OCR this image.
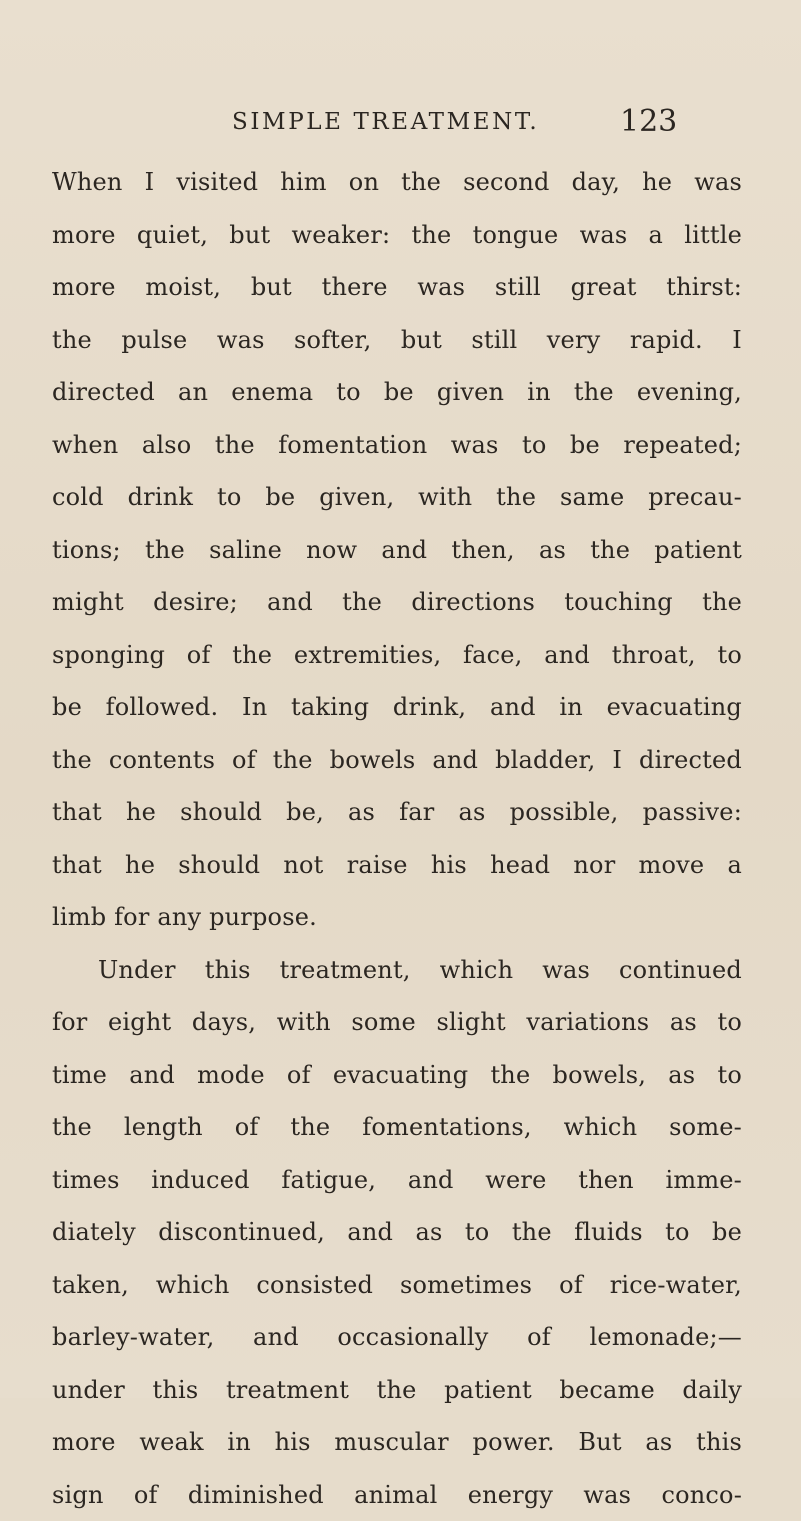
SIMPLE TREATMENT.	123
When I visited him on the second day, he was
more quiet, but weaker: the tongue was a little
more moist, but there was still great thirst:
the pulse was softer, but still very rapid. I
directed an enema to be given in the evening,
when also the fomentation was to be repeated;
cold drink to be given, with the same precau-
tions; the saline now and then, as the patient
might desire; and the directions touching the
sponging of the extremities, face, and throat, to
be followed. In taking drink, and in evacuating
the contents of the bowels and bladder, I directed
that he should be, as far as possible, passive:
that he should not raise his head nor move a
limb for any purpose.
Under this treatment, which was continued
for eight days, with some slight variations as to
time and mode of evacuating the bowels, as to
the length of the fomentations, which some-
times induced fatigue, and were then imme-
diately discontinued, and as to the fluids to be
taken, which consisted sometimes of rice-water,
barley-water, and occasionally of lemonade;—
under this treatment the patient became daily
more weak in his muscular power. But as this
sign of diminished animal energy was conco-
